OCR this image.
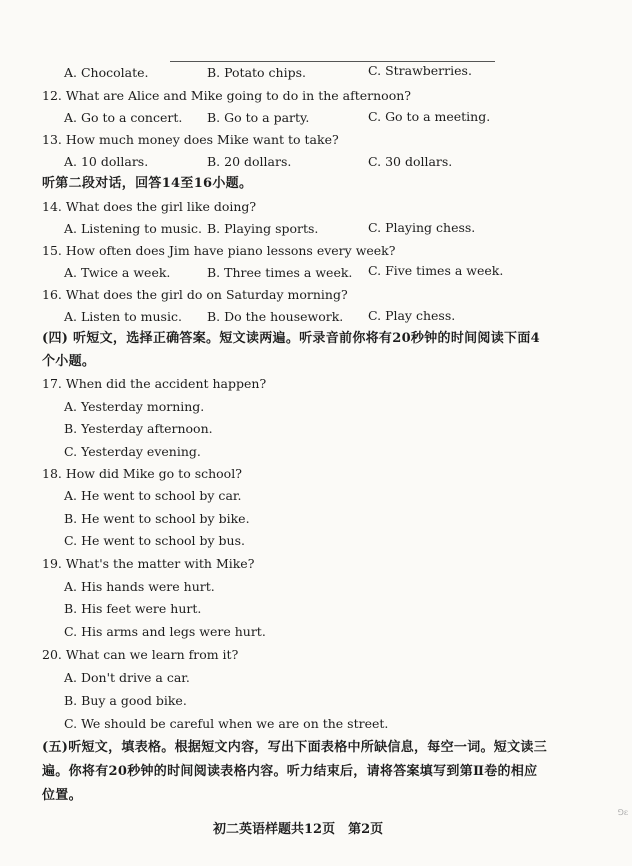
A. Chocolate.	B. Potato chips.	C. Strawberries.
12. What are Alice and Mike going to do in the afternoon?
A. Go to a concert. B. Go to a party.	C. Go to a meeting.
13. How much money does Mike want to take?
A. 10 dollars.	B. 20 dollars.	C. 30 dollars.
听第二段对话，回答14至16小题。
14. What does the girl like doing?
A. Listening to music. B. Playing sports.	C. Playing chess.
15. How often does Jim have piano lessons every week?
A. Twice a week.	B. Three times a week. C. Five times a week.
16. What does the girl do on Saturday morning?
A. Listen to music. B. Do the housework. C. Play chess.
(四) 听短文，选择正确答案。短文读两遍。听录音前你将有20秒钟的时间阅读下面4
个小题。
17. When did the accident happen?
A. Yesterday morning.
B. Yesterday afternoon.
C. Yesterday evening.
18. How did Mike go to school?
A. He went to school by car.
B. He went to school by bike.
C. He went to school by bus.
19. What's the matter with Mike?
A. His hands were hurt.
B. His feet were hurt.
C. His arms and legs were hurt.
20. What can we learn from it?
A. Don't drive a car.
B. Buy a good bike.
C. We should be careful when we are on the street.
(五)听短文，填表格。根据短文内容，写出下面表格中所缺信息，每空一词。短文读三
遍。你将有20秒钟的时间阅读表格内容。听力结束后，请将答案填写到第Ⅱ卷的相应
位置。
初二英语样题共12页　第2页
⅁ε
